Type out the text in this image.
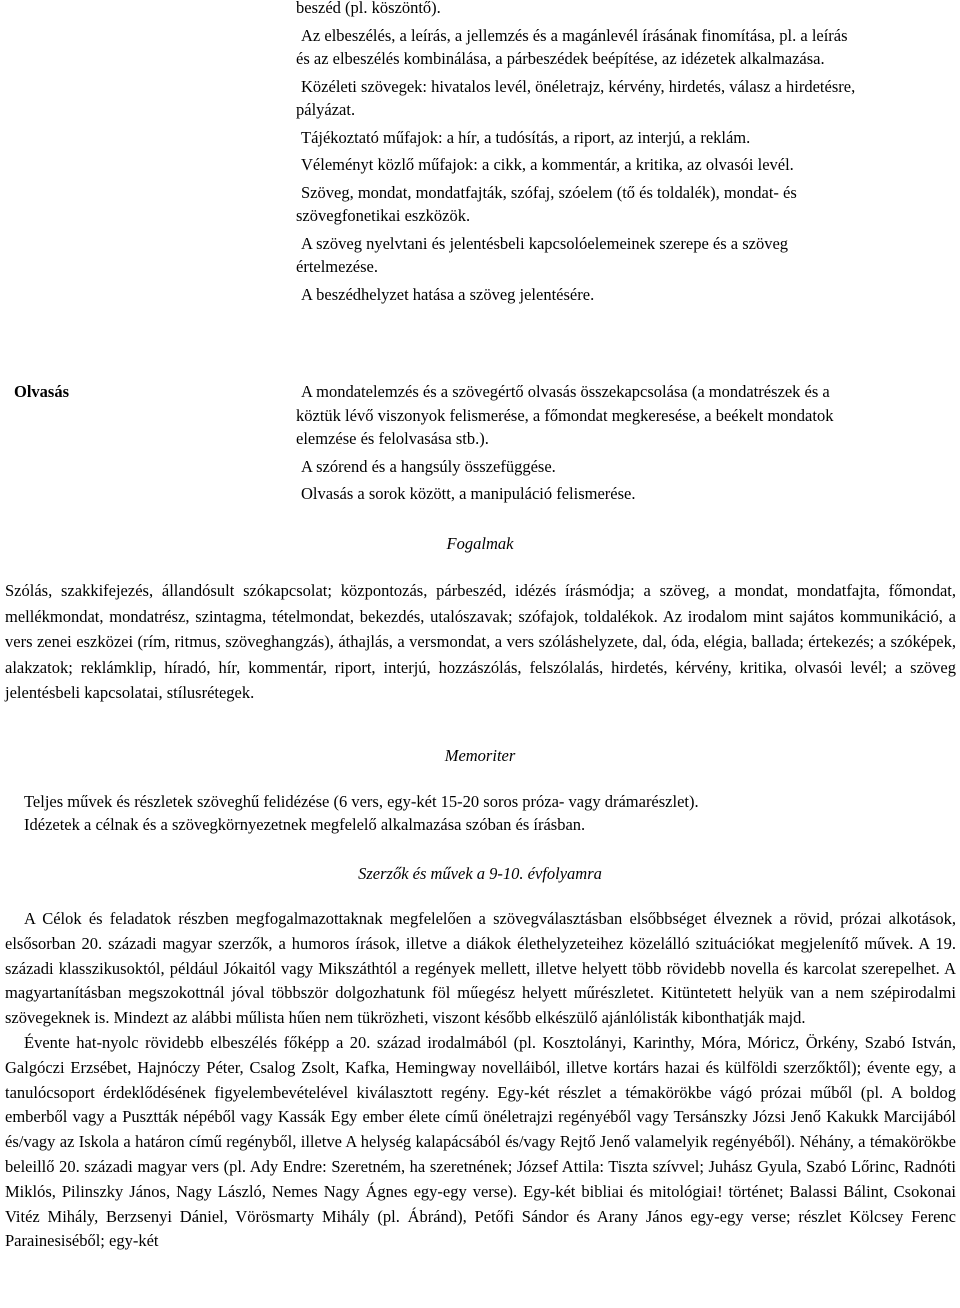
beszéd (pl. köszöntő).

Az elbeszélés, a leírás, a jellemzés és a magánlevél írásának finomítása, pl. a leírás és az elbeszélés kombinálása, a párbeszédek beépítése, az idézetek alkalmazása.

Közéleti szövegek: hivatalos levél, önéletrajz, kérvény, hirdetés, válasz a hirdetésre, pályázat.

Tájékoztató műfajok: a hír, a tudósítás, a riport, az interjú, a reklám.

Véleményt közlő műfajok: a cikk, a kommentár, a kritika, az olvasói levél.

Szöveg, mondat, mondatfajták, szófaj, szóelem (tő és toldalék), mondat- és szövegfonetikai eszközök.

A szöveg nyelvtani és jelentésbeli kapcsolóelemeinek szerepe és a szöveg értelmezése.

A beszédhelyzet hatása a szöveg jelentésére.

Olvasás	A mondatelemzés és a szövegértő olvasás összekapcsolása (a mondatrészek és a köztük lévő viszonyok felismerése, a főmondat megkeresése, a beékelt mondatok elemzése és felolvasása stb.).

A szórend és a hangsúly összefüggése.

Olvasás a sorok között, a manipuláció felismerése.

Fogalmak

Szólás, szakkifejezés, állandósult szókapcsolat; központozás, párbeszéd, idézés írásmódja; a szöveg, a mondat, mondatfajta, főmondat, mellékmondat, mondatrész, szintagma, tételmondat, bekezdés, utalószavak; szófajok, toldalékok. Az irodalom mint sajátos kommunikáció, a vers zenei eszközei (rím, ritmus, szöveghangzás), áthajlás, a versmondat, a vers szóláshelyzete, dal, óda, elégia, ballada; értekezés; a szóképek, alakzatok; reklámklip, híradó, hír, kommentár, riport, interjú, hozzászólás, felszólalás, hirdetés, kérvény, kritika, olvasói levél; a szöveg jelentésbeli kapcsolatai, stílusrétegek.

Memoriter

Teljes művek és részletek szöveghű felidézése (6 vers, egy-két 15-20 soros próza- vagy drámarészlet).

Idézetek a célnak és a szövegkörnyezetnek megfelelő alkalmazása szóban és írásban.

Szerzők és művek a 9-10. évfolyamra

A Célok és feladatok részben megfogalmazottaknak megfelelően a szövegválasztásban elsőbbséget élveznek a rövid, prózai alkotások, elsősorban 20. századi magyar szerzők, a humoros írások, illetve a diákok élethelyzeteihez közelálló szituációkat megjelenítő művek. A 19. századi klasszikusoktól, például Jókaitól vagy Mikszáthtól a regények mellett, illetve helyett több rövidebb novella és karcolat szerepelhet. A magyartanításban megszokottnál jóval többször dolgozhatunk föl műegész helyett műrészletet. Kitüntetett helyük van a nem szépirodalmi szövegeknek is. Mindezt az alábbi műlista hűen nem tükrözheti, viszont később elkészülő ajánlólisták kibonthatják majd.

Évente hat-nyolc rövidebb elbeszélés főképp a 20. század irodalmából (pl. Kosztolányi, Karinthy, Móra, Móricz, Örkény, Szabó István, Galgóczi Erzsébet, Hajnóczy Péter, Csalog Zsolt, Kafka, Hemingway novelláiból, illetve kortárs hazai és külföldi szerzőktől); évente egy, a tanulócsoport érdeklődésének figyelembevételével kiválasztott regény. Egy-két részlet a témakörökbe vágó prózai műből (pl. A boldog emberből vagy a Pusztták népéből vagy Kassák Egy ember élete című önéletrajzi regényéből vagy Tersánszky Józsi Jenő Kakukk Marcijából és/vagy az Iskola a határon című regényből, illetve A helység kalapácsából és/vagy Rejtő Jenő valamelyik regényéből). Néhány, a témakörökbe beleillő 20. századi magyar vers (pl. Ady Endre: Szeretném, ha szeretnének; József Attila: Tiszta szívvel; Juhász Gyula, Szabó Lőrinc, Radnóti Miklós, Pilinszky János, Nagy László, Nemes Nagy Ágnes egy-egy verse). Egy-két bibliai és mitológiai! történet; Balassi Bálint, Csokonai Vitéz Mihály, Berzsenyi Dániel, Vörösmarty Mihály (pl. Ábránd), Petőfi Sándor és Arany János egy-egy verse; részlet Kölcsey Ferenc Parainesiséből; egy-két
